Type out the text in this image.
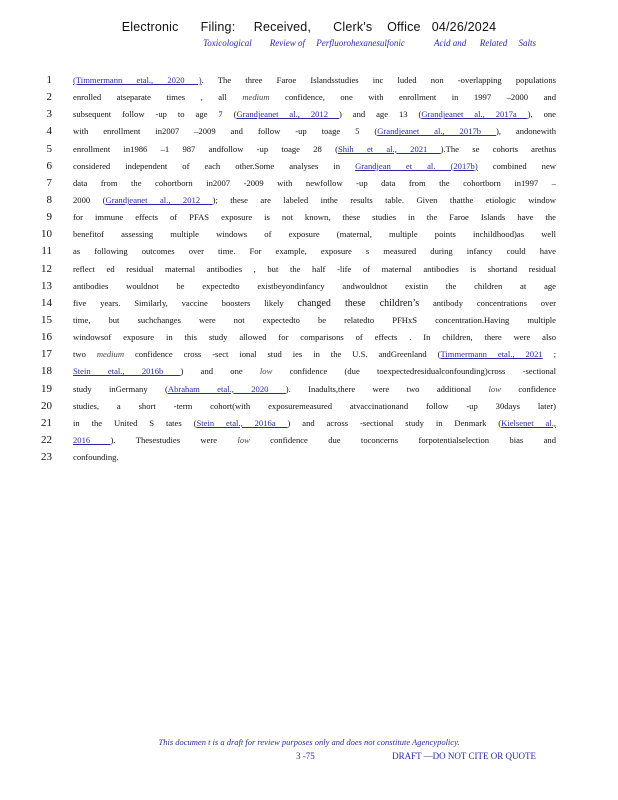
Electronic      Filing:     Received,      Clerk's    Office   04/26/2024
Toxicological        Review of     Perfluorohexanesulfonic             Acid and      Related     Salts
1 (Timmermann etal., 2020 ). The three Faroe Islandsstudies inc luded non -overlapping populations
2 enrolled atseparate times , all medium confidence, one with enrollment in 1997 –2000 and
3 subsequent follow -up to age 7 (Grandjeanet al., 2012 ) and age 13 (Grandjeanet al., 2017a ), one
4 with enrollment in2007 –2009 and follow -up toage 5 (Grandjeanet al., 2017b ), andonewith
5 enrollment in1986 –1 987 andfollow -up toage 28 (Shih et al., 2021 ).The se cohorts arethus
6 considered independent of each other.Some analyses in Grandjean et al. (2017b) combined new
7 data from the cohortborn in2007 -2009 with newfollow -up data from the cohortborn in1997 –
8 2000 (Grandjeanet al., 2012 ); these are labeled inthe results table. Given thatthe etiologic window
9 for immune effects of PFAS exposure is not known, these studies in the Faroe Islands have the
10 benefitof assessing multiple windows of exposure (maternal, multiple points inchildhood)as well
11 as following outcomes over time. For example, exposure s measured during infancy could have
12 reflect ed residual maternal antibodies , but the half -life of maternal antibodies is shortand residual
13 antibodies wouldnot be expectedto existbeyondinfancy andwouldnot existin the children at age
14 five years. Similarly, vaccine boosters likely changed these children’s antibody concentrations over
15 time, but suchchanges were not expectedto be relatedto PFHxS concentration.Having multiple
16 windowsof exposure in this study allowed for comparisons of effects . In children, there were also
17 two medium confidence cross -sect ional stud ies in the U.S. andGreenland (Timmermann etal., 2021 ;
18 Stein etal., 2016b ) and one low confidence (due toexpectedresidualconfounding)cross -sectional
19 study inGermany (Abraham etal., 2020 ). Inadults,there were two additional low confidence
20 studies, a short -term cohort(with exposuremeasured atvaccinationand follow -up 30days later)
21 in the United S tates (Stein etal., 2016a ) and across -sectional study in Denmark (Kielsenet al.,
22 2016 ). Thesestudies were low confidence due toconcerns forpotentialselection bias and
23 confounding.
This documen t is a draft for review purposes only and does not constitute Agencypolicy.
3 -75	DRAFT —DO NOT CITE OR QUOTE
